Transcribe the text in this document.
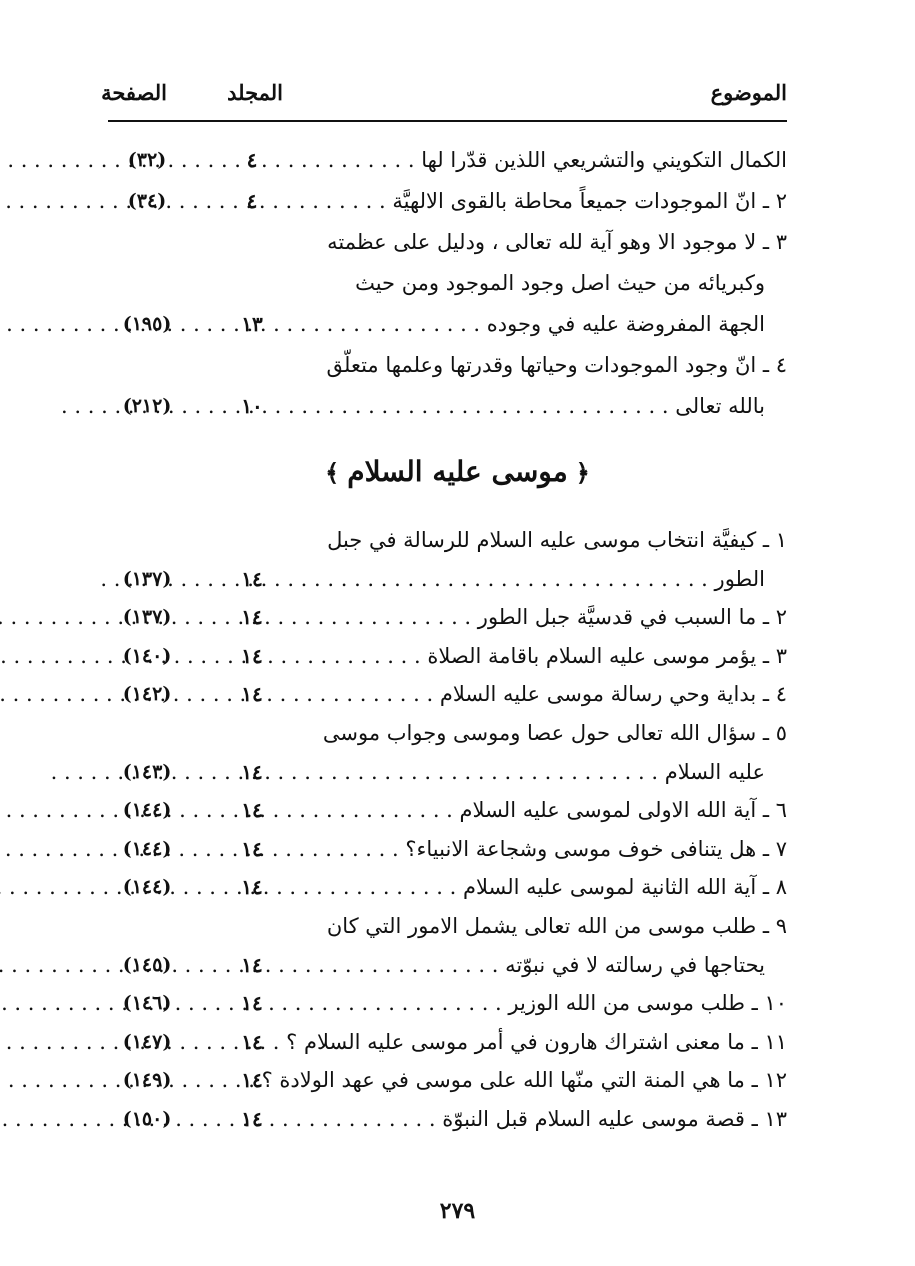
الموضوع
المجلد
الصفحة
الكمال التكويني والتشريعي اللذين قدّرا لها . . .
٤
(٣٢)
٢ ـ انّ الموجودات جميعاً محاطة بالقوى الالهيَّة . . .
٤
(٣٤)
٣ ـ لا موجود الا وهو آية لله تعالى ، ودليل على عظمته
وكبريائه من حيث اصل وجود الموجود ومن حيث
الجهة المفروضة عليه في وجوده . . .
١٣
(١٩٥)
٤ ـ انّ وجود الموجودات وحياتها وقدرتها وعلمها متعلّق
بالله تعالى . . .
١٠
(٢١٢)
﴿موسى عليه السلام﴾
١ ـ كيفيَّة انتخاب موسى عليه السلام للرسالة في جبل
الطور . . .
١٤
(١٣٧)
٢ ـ ما السبب في قدسيَّة جبل الطور . . .
١٤
(١٣٧)
٣ ـ يؤمر موسى عليه السلام باقامة الصلاة . . .
١٤
(١٤٠)
٤ ـ بداية وحي رسالة موسى عليه السلام . . .
١٤
(١٤٢)
٥ ـ سؤال الله تعالى حول عصا وموسى وجواب موسى
عليه السلام . . .
١٤
(١٤٣)
٦ ـ آية الله الاولى لموسى عليه السلام . . .
١٤
(١٤٤)
٧ ـ هل يتنافى خوف موسى وشجاعة الانبياء؟ . . .
١٤
(١٤٤)
٨ ـ آية الله الثانية لموسى عليه السلام . . .
١٤
(١٤٤)
٩ ـ طلب موسى من الله تعالى يشمل الامور التي كان
يحتاجها في رسالته لا في نبوّته . . .
١٤
(١٤٥)
١٠ ـ طلب موسى من الله الوزير . . .
١٤
(١٤٦)
١١ ـ ما معنى اشتراك هارون في أمر موسى عليه السلام ؟ . . .
١٤
(١٤٧)
١٢ ـ ما هي المنة التي منّها الله على موسى في عهد الولادة ؟ . . .
١٤
(١٤٩)
١٣ ـ قصة موسى عليه السلام قبل النبوّة . . .
١٤
(١٥٠)
٢٧٩
